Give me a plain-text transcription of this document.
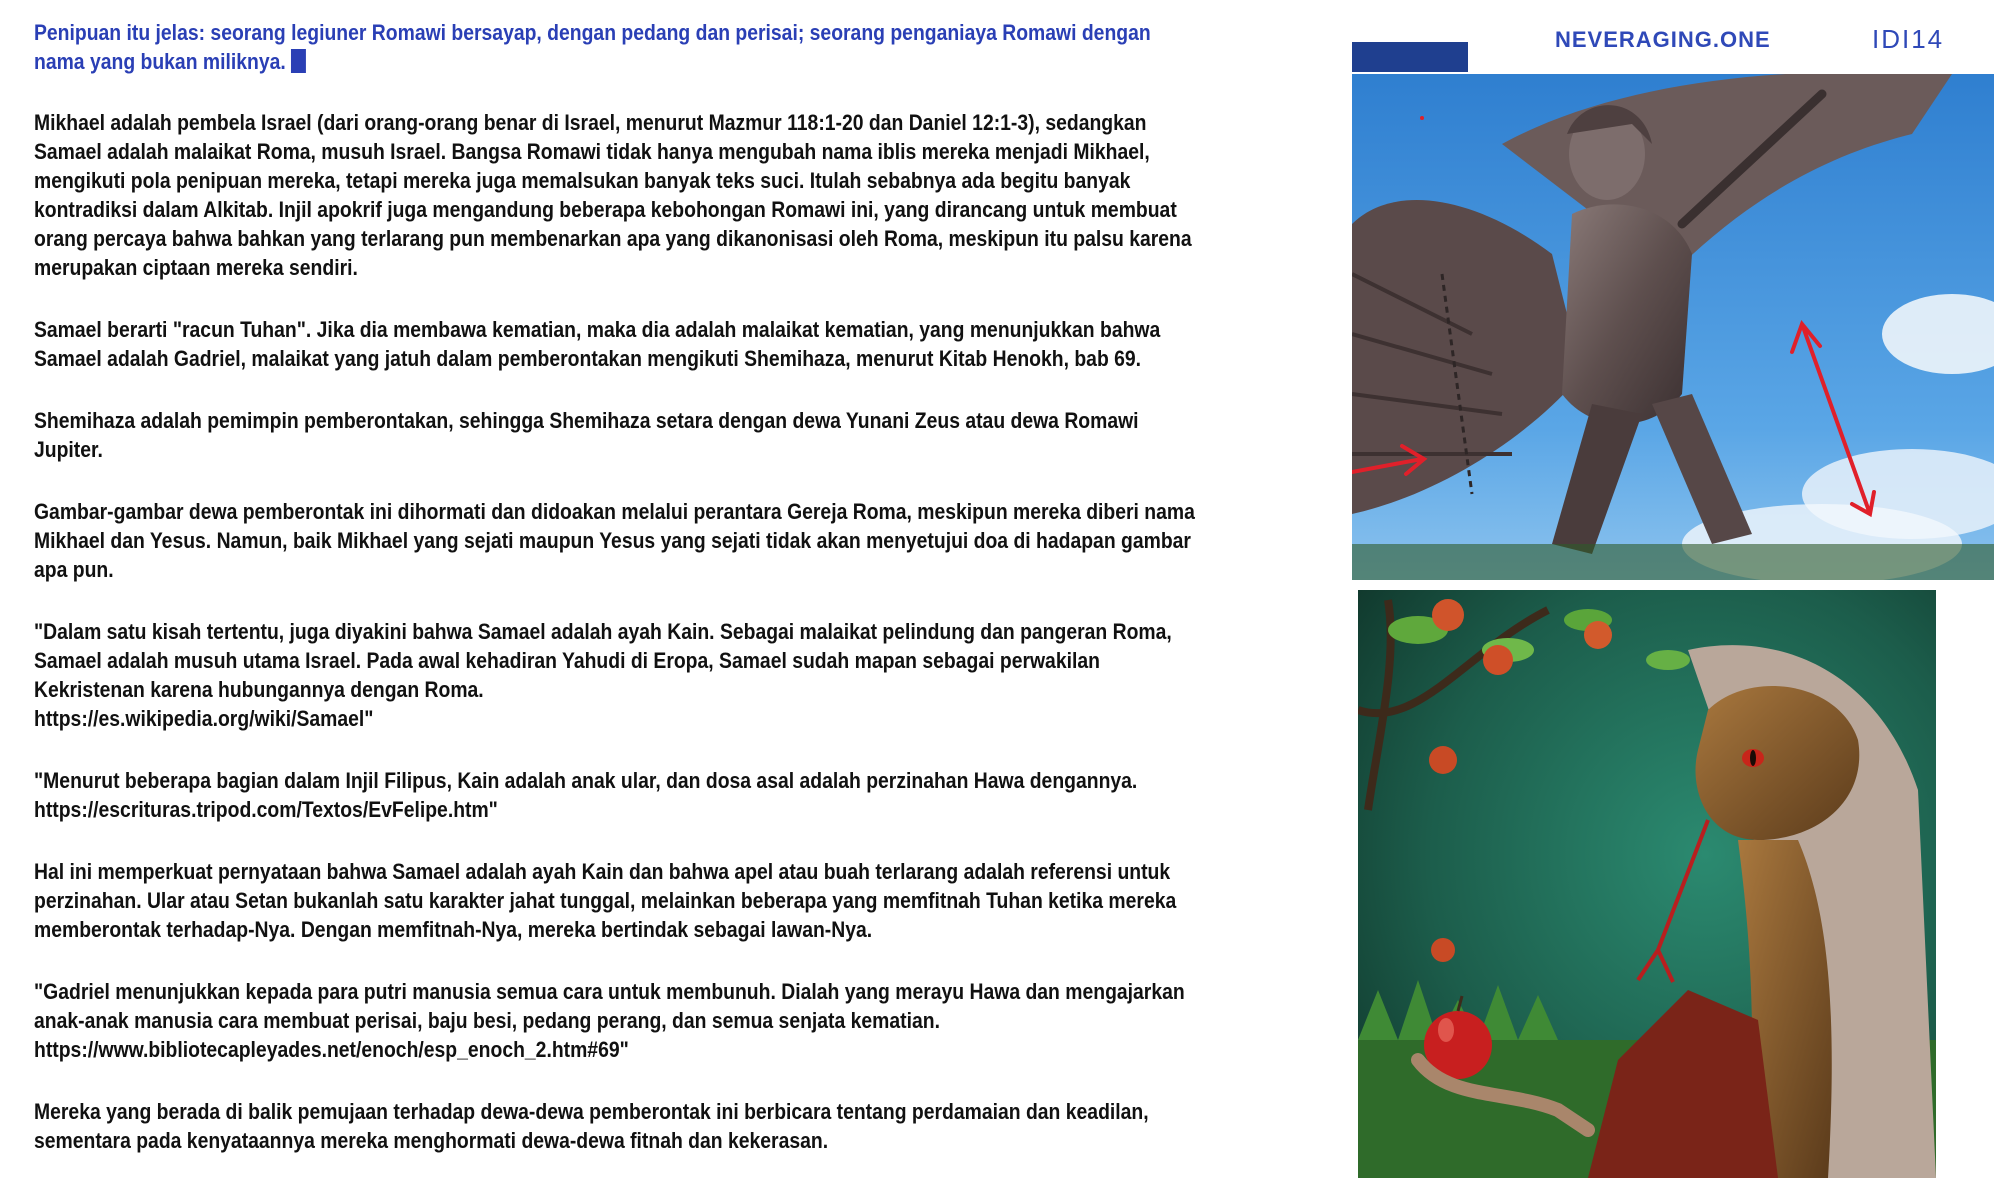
Penipuan itu jelas: seorang legiuner Romawi bersayap, dengan pedang dan perisai; seorang penganiaya Romawi dengan
nama yang bukan miliknya.

Mikhael adalah pembela Israel (dari orang-orang benar di Israel, menurut Mazmur 118:1-20 dan Daniel 12:1-3), sedangkan
Samael adalah malaikat Roma, musuh Israel. Bangsa Romawi tidak hanya mengubah nama iblis mereka menjadi Mikhael,
mengikuti pola penipuan mereka, tetapi mereka juga memalsukan banyak teks suci. Itulah sebabnya ada begitu banyak
kontradiksi dalam Alkitab. Injil apokrif juga mengandung beberapa kebohongan Romawi ini, yang dirancang untuk membuat
orang percaya bahwa bahkan yang terlarang pun membenarkan apa yang dikanonisasi oleh Roma, meskipun itu palsu karena
merupakan ciptaan mereka sendiri.

Samael berarti "racun Tuhan". Jika dia membawa kematian, maka dia adalah malaikat kematian, yang menunjukkan bahwa
Samael adalah Gadriel, malaikat yang jatuh dalam pemberontakan mengikuti Shemihaza, menurut Kitab Henokh, bab 69.

Shemihaza adalah pemimpin pemberontakan, sehingga Shemihaza setara dengan dewa Yunani Zeus atau dewa Romawi
Jupiter.

Gambar-gambar dewa pemberontak ini dihormati dan didoakan melalui perantara Gereja Roma, meskipun mereka diberi nama
Mikhael dan Yesus. Namun, baik Mikhael yang sejati maupun Yesus yang sejati tidak akan menyetujui doa di hadapan gambar
apa pun.

"Dalam satu kisah tertentu, juga diyakini bahwa Samael adalah ayah Kain. Sebagai malaikat pelindung dan pangeran Roma,
Samael adalah musuh utama Israel. Pada awal kehadiran Yahudi di Eropa, Samael sudah mapan sebagai perwakilan
Kekristenan karena hubungannya dengan Roma.
https://es.wikipedia.org/wiki/Samael"

"Menurut beberapa bagian dalam Injil Filipus, Kain adalah anak ular, dan dosa asal adalah perzinahan Hawa dengannya.
https://escrituras.tripod.com/Textos/EvFelipe.htm"

Hal ini memperkuat pernyataan bahwa Samael adalah ayah Kain dan bahwa apel atau buah terlarang adalah referensi untuk
perzinahan. Ular atau Setan bukanlah satu karakter jahat tunggal, melainkan beberapa yang memfitnah Tuhan ketika mereka
memberontak terhadap-Nya. Dengan memfitnah-Nya, mereka bertindak sebagai lawan-Nya.

"Gadriel menunjukkan kepada para putri manusia semua cara untuk membunuh. Dialah yang merayu Hawa dan mengajarkan
anak-anak manusia cara membuat perisai, baju besi, pedang perang, dan semua senjata kematian.
https://www.bibliotecapleyades.net/enoch/esp_enoch_2.htm#69"

Mereka yang berada di balik pemujaan terhadap dewa-dewa pemberontak ini berbicara tentang perdamaian dan keadilan,
sementara pada kenyataannya mereka menghormati dewa-dewa fitnah dan kekerasan.

NEVERAGING.ONE	IDI14
